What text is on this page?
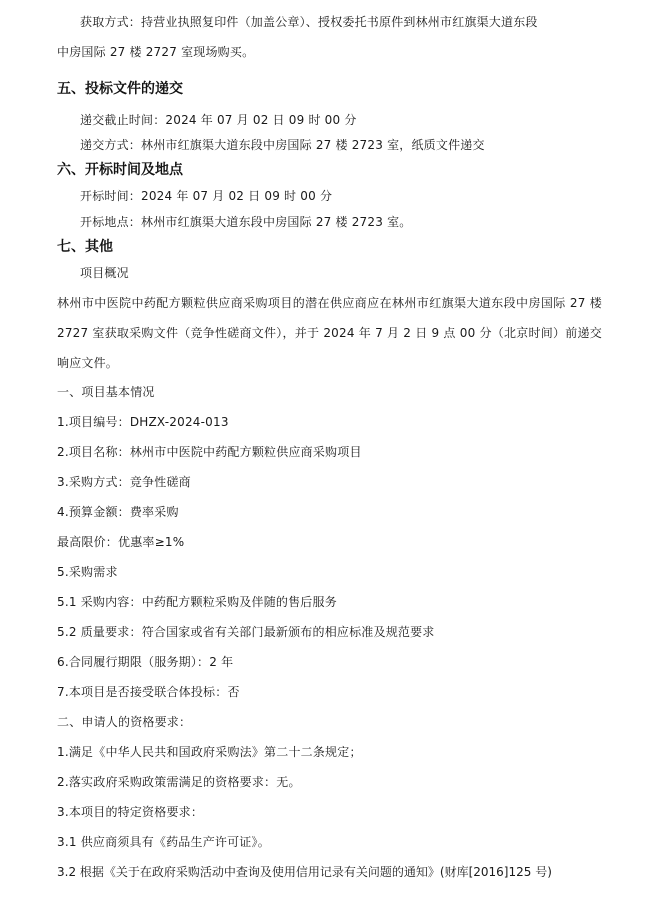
获取方式：持营业执照复印件（加盖公章）、授权委托书原件到林州市红旗渠大道东段
中房国际 27 楼 2727 室现场购买。
五、投标文件的递交
递交截止时间：2024 年 07 月 02 日 09 时 00 分
递交方式：林州市红旗渠大道东段中房国际 27 楼 2723 室，纸质文件递交
六、开标时间及地点
开标时间：2024 年 07 月 02 日 09 时 00 分
开标地点：林州市红旗渠大道东段中房国际 27 楼 2723 室。
七、其他
项目概况
林州市中医院中药配方颗粒供应商采购项目的潜在供应商应在林州市红旗渠大道东段中房国际 27 楼 2727 室获取采购文件（竞争性磋商文件），并于 2024 年 7 月 2 日 9 点 00 分（北京时间）前递交响应文件。
一、项目基本情况
1.项目编号：DHZX-2024-013
2.项目名称：林州市中医院中药配方颗粒供应商采购项目
3.采购方式：竞争性磋商
4.预算金额：费率采购
最高限价：优惠率≥1%
5.采购需求
5.1 采购内容：中药配方颗粒采购及伴随的售后服务
5.2 质量要求：符合国家或省有关部门最新颁布的相应标准及规范要求
6.合同履行期限（服务期）：2 年
7.本项目是否接受联合体投标：否
二、申请人的资格要求：
1.满足《中华人民共和国政府采购法》第二十二条规定；
2.落实政府采购政策需满足的资格要求：无。
3.本项目的特定资格要求：
3.1 供应商须具有《药品生产许可证》。
3.2 根据《关于在政府采购活动中查询及使用信用记录有关问题的通知》(财库[2016]125 号)
